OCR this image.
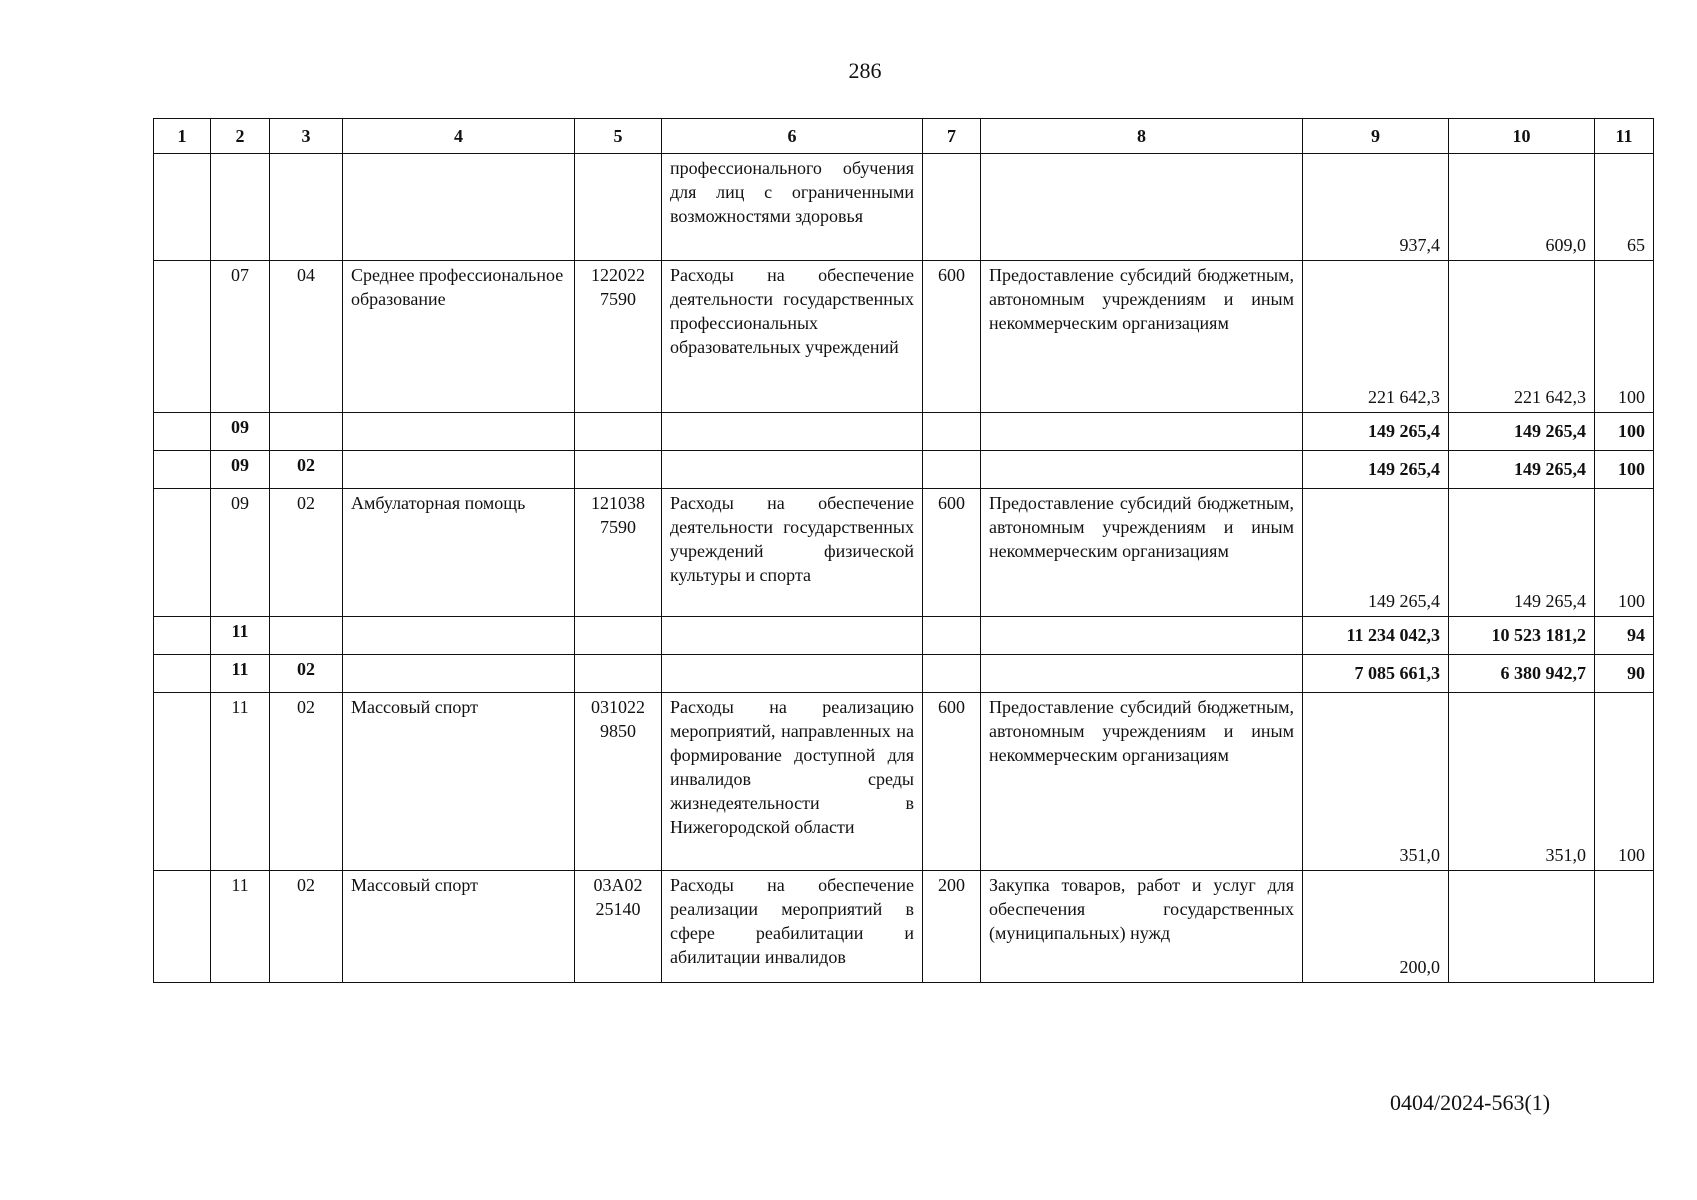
286
1	2	3	4	5	6	7	8	9	10	11
					профессионального обучения для лиц с ограниченными возможностями здоровья			937,4	609,0	65
	07	04	Среднее профессиональное образование	122022 7590	Расходы на обеспечение деятельности государственных профессиональных образовательных учреждений	600	Предоставление субсидий бюджетным, автономным учреждениям и иным некоммерческим организациям	221 642,3	221 642,3	100
	09							149 265,4	149 265,4	100
	09	02						149 265,4	149 265,4	100
	09	02	Амбулаторная помощь	121038 7590	Расходы на обеспечение деятельности государственных учреждений физической культуры и спорта	600	Предоставление субсидий бюджетным, автономным учреждениям и иным некоммерческим организациям	149 265,4	149 265,4	100
	11							11 234 042,3	10 523 181,2	94
	11	02						7 085 661,3	6 380 942,7	90
	11	02	Массовый спорт	031022 9850	Расходы на реализацию мероприятий, направленных на формирование доступной для инвалидов среды жизнедеятельности в Нижегородской области	600	Предоставление субсидий бюджетным, автономным учреждениям и иным некоммерческим организациям	351,0	351,0	100
	11	02	Массовый спорт	03А02 25140	Расходы на обеспечение реализации мероприятий в сфере реабилитации и абилитации инвалидов	200	Закупка товаров, работ и услуг для обеспечения государственных (муниципальных) нужд	200,0		
0404/2024-563(1)
